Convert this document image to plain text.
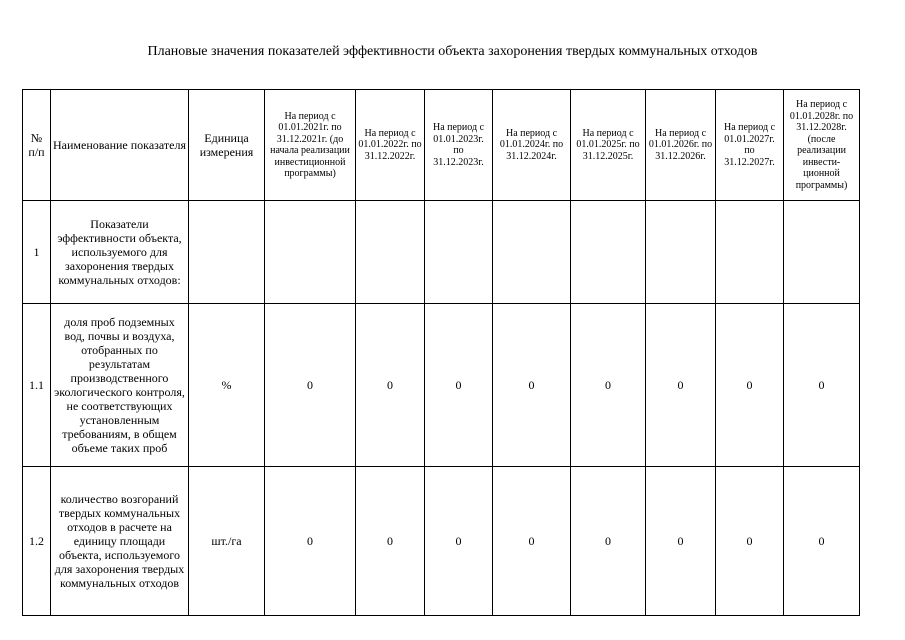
Плановые значения показателей эффективности объекта захоронения твердых коммунальных отходов
№ п/п	Наименование показателя	Единица измерения	На период с 01.01.2021г. по 31.12.2021г. (до начала реализации инвестиционной программы)	На период с 01.01.2022г. по 31.12.2022г.	На период с 01.01.2023г. по 31.12.2023г.	На период с 01.01.2024г. по 31.12.2024г.	На период с 01.01.2025г. по 31.12.2025г.	На период с 01.01.2026г. по 31.12.2026г.	На период с 01.01.2027г. по 31.12.2027г.	На период с 01.01.2028г. по 31.12.2028г. (после реализации инвести-ционной программы)
1	Показатели эффективности объекта, используемого для захоронения твердых коммунальных отходов:									
1.1	доля проб подземных вод, почвы и воздуха, отобранных по результатам производственного экологического контроля, не соответствующих установленным требованиям, в общем объеме таких проб	%	0	0	0	0	0	0	0	0
1.2	количество возгораний твердых коммунальных отходов в расчете на единицу площади объекта, используемого для захоронения твердых коммунальных отходов	шт./га	0	0	0	0	0	0	0	0
